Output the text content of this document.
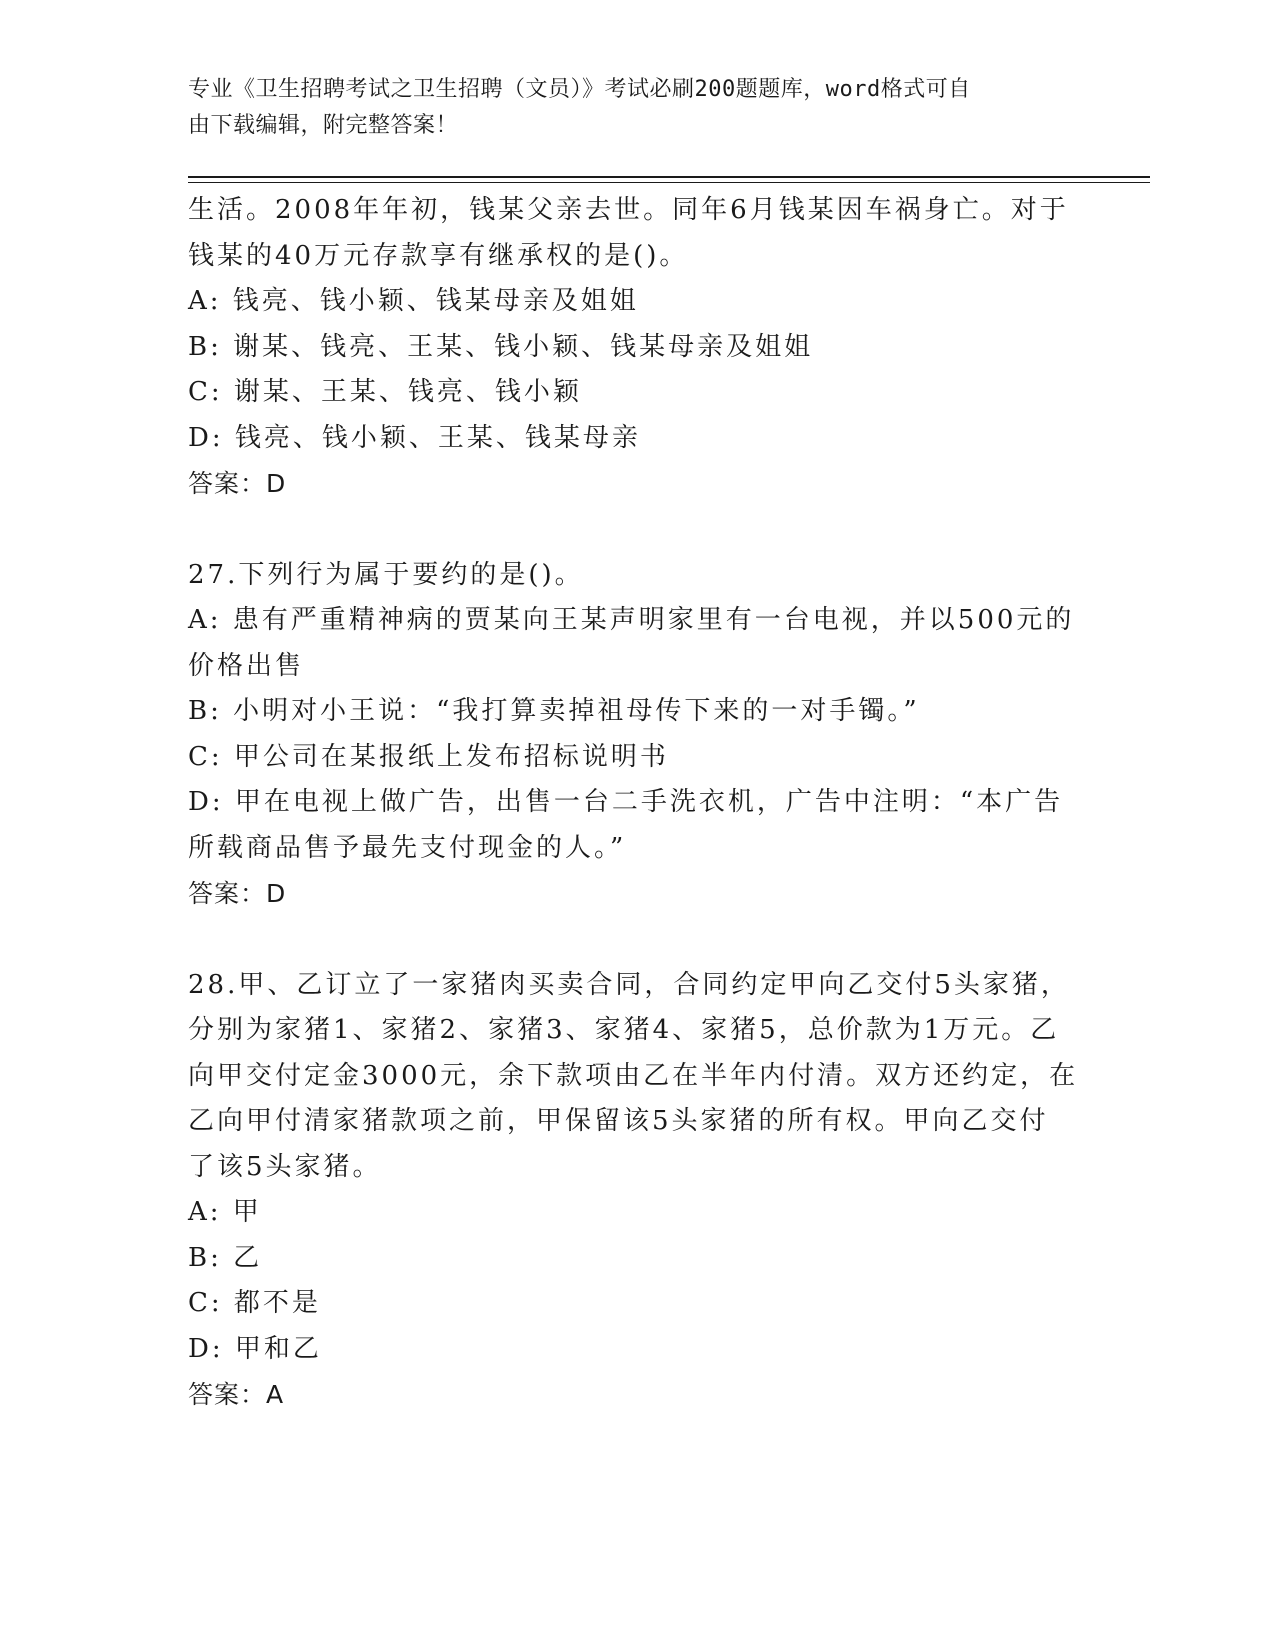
专业《卫生招聘考试之卫生招聘（文员）》考试必刷200题题库，word格式可自
由下载编辑，附完整答案！
生活。2008年年初，钱某父亲去世。同年6月钱某因车祸身亡。对于
钱某的40万元存款享有继承权的是()。
A: 钱亮、钱小颖、钱某母亲及姐姐
B: 谢某、钱亮、王某、钱小颖、钱某母亲及姐姐
C: 谢某、王某、钱亮、钱小颖
D: 钱亮、钱小颖、王某、钱某母亲
答案：D
27.下列行为属于要约的是()。
A: 患有严重精神病的贾某向王某声明家里有一台电视，并以500元的
价格出售
B: 小明对小王说：“我打算卖掉祖母传下来的一对手镯。”
C: 甲公司在某报纸上发布招标说明书
D: 甲在电视上做广告，出售一台二手洗衣机，广告中注明：“本广告
所载商品售予最先支付现金的人。”
答案：D
28.甲、乙订立了一家猪肉买卖合同，合同约定甲向乙交付5头家猪，
分别为家猪1、家猪2、家猪3、家猪4、家猪5，总价款为1万元。乙
向甲交付定金3000元，余下款项由乙在半年内付清。双方还约定，在
乙向甲付清家猪款项之前，甲保留该5头家猪的所有权。甲向乙交付
了该5头家猪。
A: 甲
B: 乙
C: 都不是
D: 甲和乙
答案：A
